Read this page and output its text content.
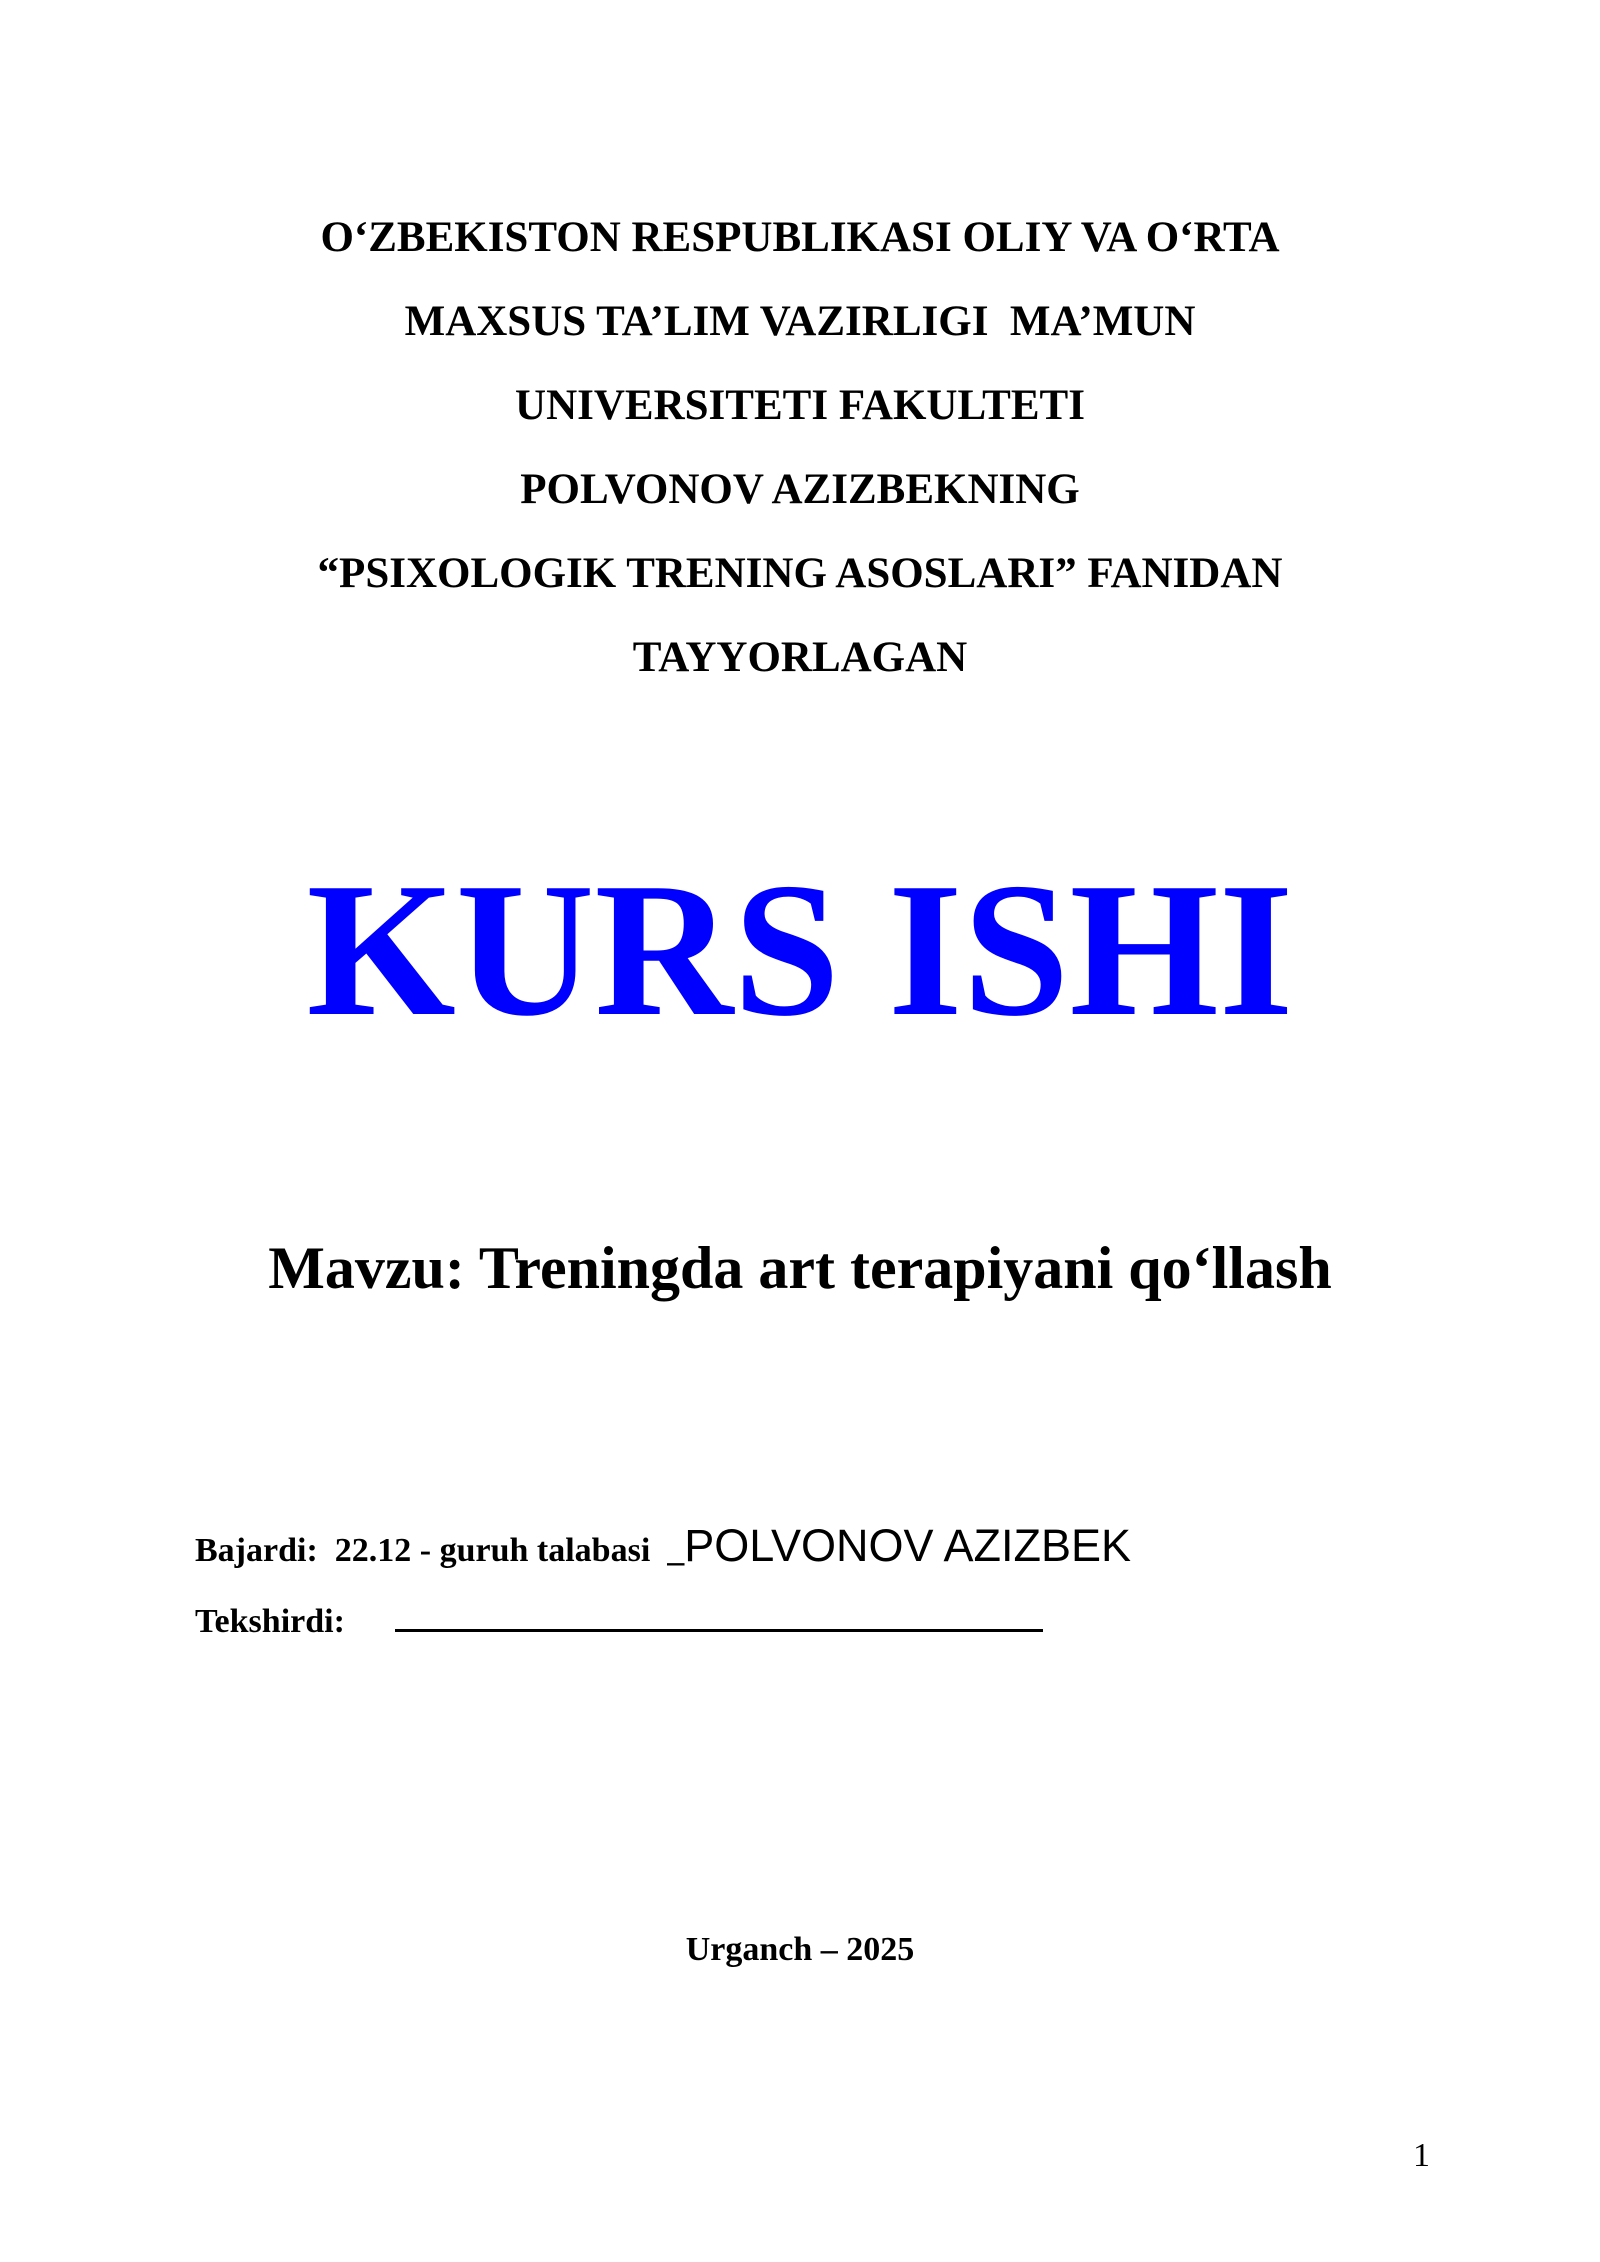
O‘ZBEKISTON RESPUBLIKASI OLIY VA O‘RTA
MAXSUS TA’LIM VAZIRLIGI  MA’MUN
UNIVERSITETI FAKULTETI
POLVONOV AZIZBEKNING
“PSIXOLOGIK TRENING ASOSLARI” FANIDAN
TAYYORLAGAN
KURS ISHI
Mavzu: Treningda art terapiyani qo‘llash
Bajardi:  22.12 - guruh talabasi  _ POLVONOV AZIZBEK
Tekshirdi:
Urganch – 2025
1
